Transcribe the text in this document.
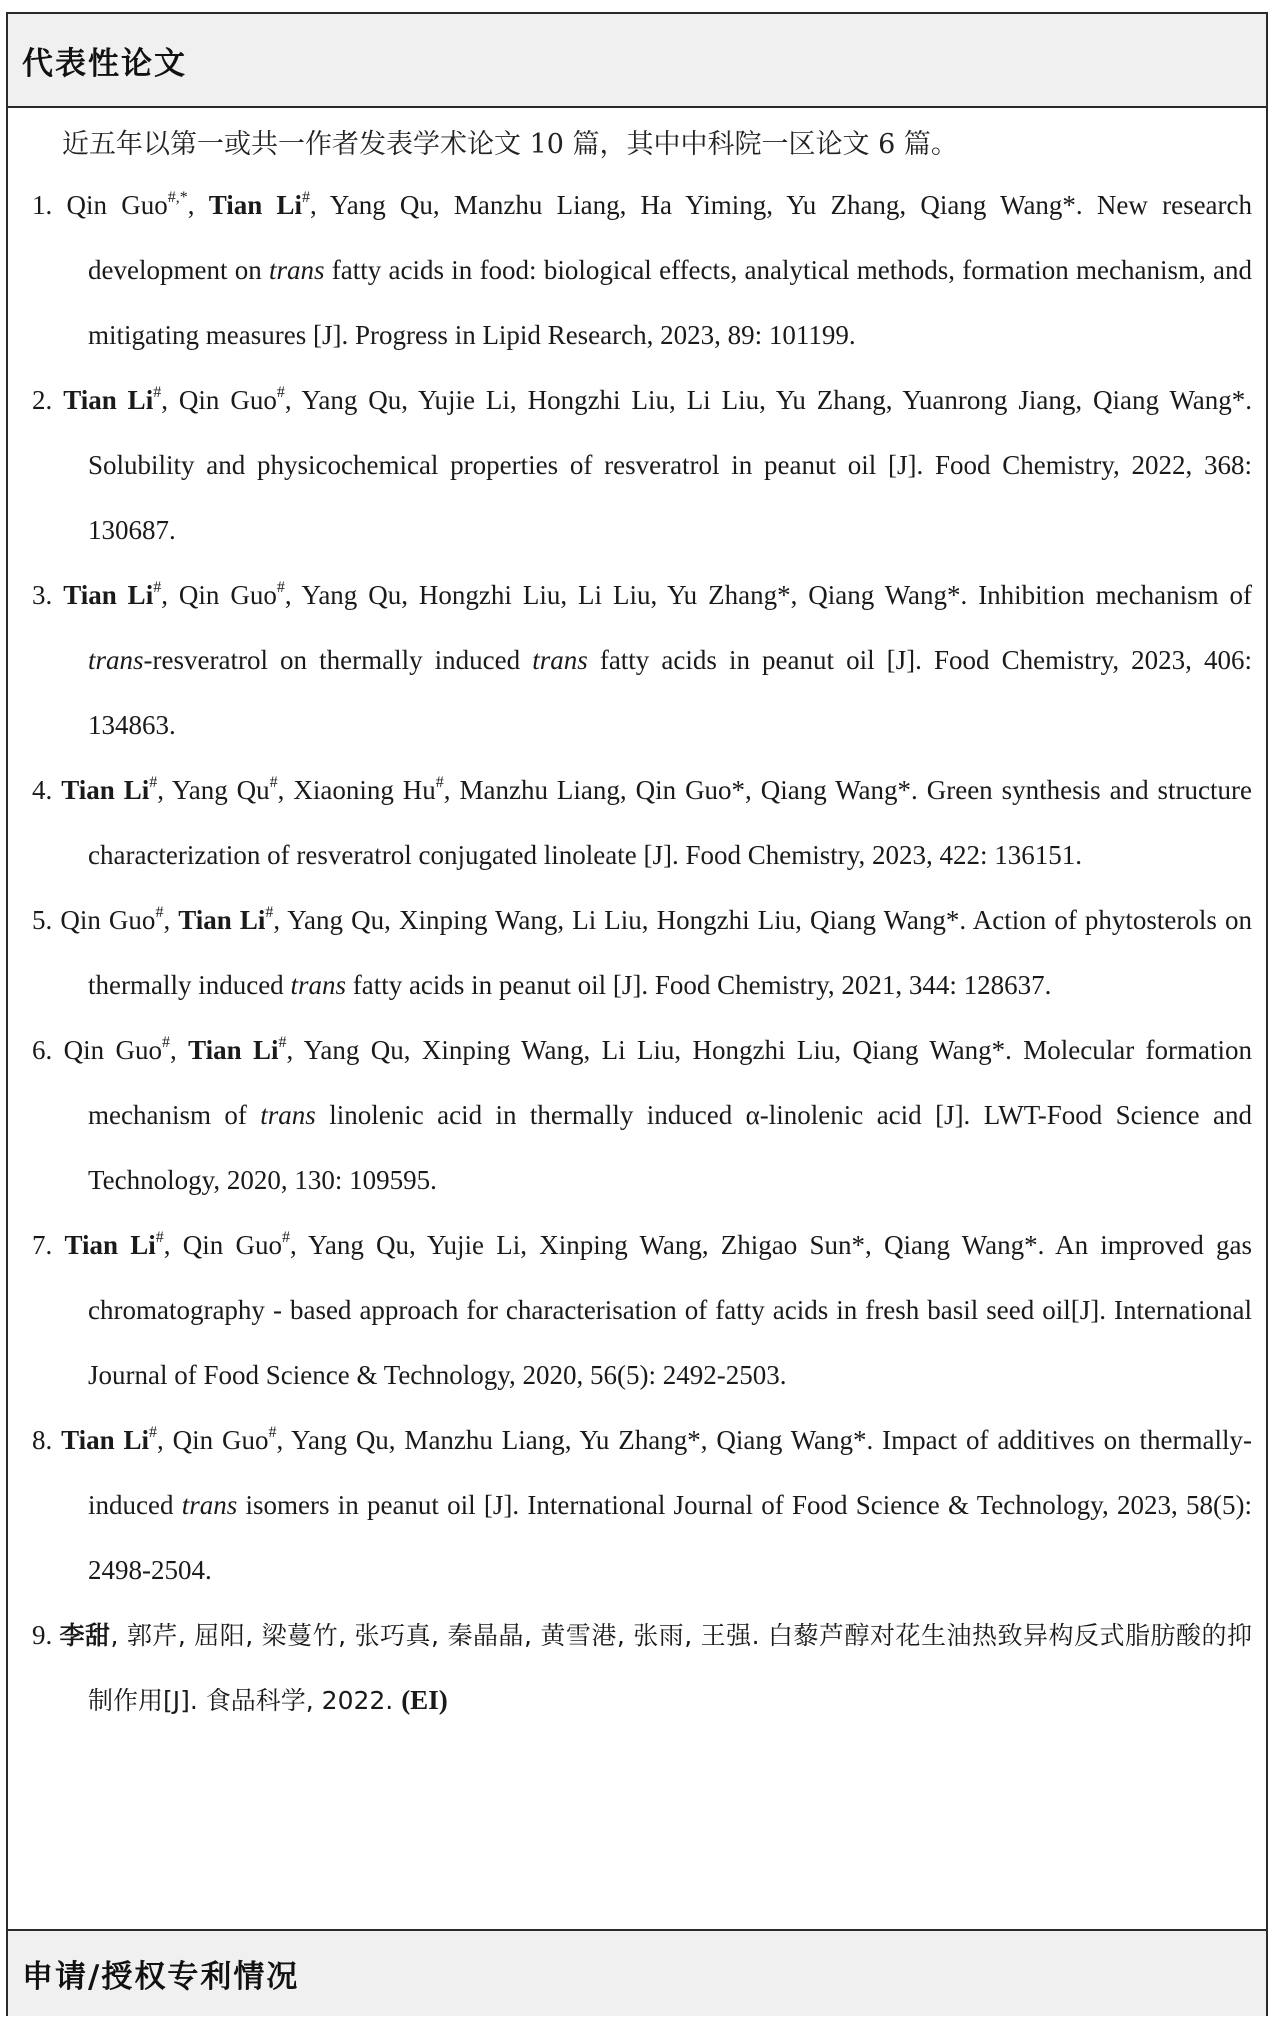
代表性论文

近五年以第一或共一作者发表学术论文 10 篇，其中中科院一区论文 6 篇。

1. Qin Guo#,*, Tian Li#, Yang Qu, Manzhu Liang, Ha Yiming, Yu Zhang, Qiang Wang*. New research development on trans fatty acids in food: biological effects, analytical methods, formation mechanism, and mitigating measures [J]. Progress in Lipid Research, 2023, 89: 101199.

2. Tian Li#, Qin Guo#, Yang Qu, Yujie Li, Hongzhi Liu, Li Liu, Yu Zhang, Yuanrong Jiang, Qiang Wang*. Solubility and physicochemical properties of resveratrol in peanut oil [J]. Food Chemistry, 2022, 368: 130687.

3. Tian Li#, Qin Guo#, Yang Qu, Hongzhi Liu, Li Liu, Yu Zhang*, Qiang Wang*. Inhibition mechanism of trans-resveratrol on thermally induced trans fatty acids in peanut oil [J]. Food Chemistry, 2023, 406: 134863.

4. Tian Li#, Yang Qu#, Xiaoning Hu#, Manzhu Liang, Qin Guo*, Qiang Wang*. Green synthesis and structure characterization of resveratrol conjugated linoleate [J]. Food Chemistry, 2023, 422: 136151.

5. Qin Guo#, Tian Li#, Yang Qu, Xinping Wang, Li Liu, Hongzhi Liu, Qiang Wang*. Action of phytosterols on thermally induced trans fatty acids in peanut oil [J]. Food Chemistry, 2021, 344: 128637.

6. Qin Guo#, Tian Li#, Yang Qu, Xinping Wang, Li Liu, Hongzhi Liu, Qiang Wang*. Molecular formation mechanism of trans linolenic acid in thermally induced α-linolenic acid [J]. LWT-Food Science and Technology, 2020, 130: 109595.

7. Tian Li#, Qin Guo#, Yang Qu, Yujie Li, Xinping Wang, Zhigao Sun*, Qiang Wang*. An improved gas chromatography - based approach for characterisation of fatty acids in fresh basil seed oil[J]. International Journal of Food Science & Technology, 2020, 56(5): 2492-2503.

8. Tian Li#, Qin Guo#, Yang Qu, Manzhu Liang, Yu Zhang*, Qiang Wang*. Impact of additives on thermally-induced trans isomers in peanut oil [J]. International Journal of Food Science & Technology, 2023, 58(5): 2498-2504.

9. 李甜, 郭芹, 屈阳, 梁蔓竹, 张巧真, 秦晶晶, 黄雪港, 张雨, 王强. 白藜芦醇对花生油热致异构反式脂肪酸的抑制作用[J]. 食品科学, 2022. (EI)

申请/授权专利情况
